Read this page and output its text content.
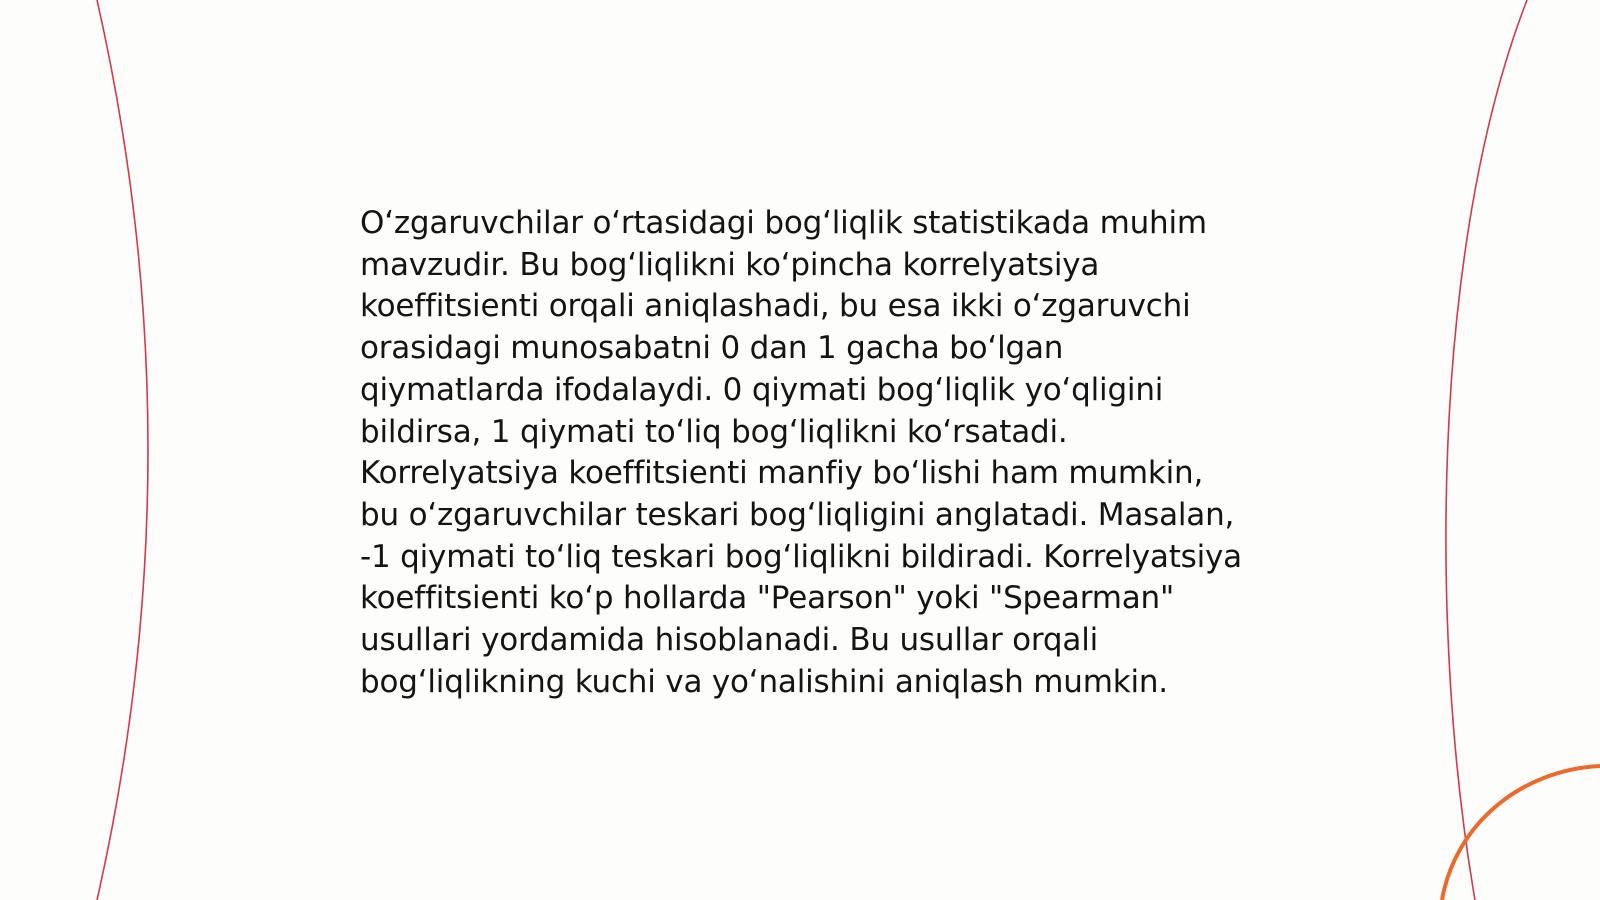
O‘zgaruvchilar o‘rtasidagi bog‘liqlik statistikada muhim mavzudir. Bu bog‘liqlikni ko‘pincha korrelyatsiya koeffitsienti orqali aniqlashadi, bu esa ikki o‘zgaruvchi orasidagi munosabatni 0 dan 1 gacha bo‘lgan qiymatlarda ifodalaydi. 0 qiymati bog‘liqlik yo‘qligini bildirsa, 1 qiymati to‘liq bog‘liqlikni ko‘rsatadi. Korrelyatsiya koeffitsienti manfiy bo‘lishi ham mumkin, bu o‘zgaruvchilar teskari bog‘liqligini anglatadi. Masalan, -1 qiymati to‘liq teskari bog‘liqlikni bildiradi. Korrelyatsiya koeffitsienti ko‘p hollarda "Pearson" yoki "Spearman" usullari yordamida hisoblanadi. Bu usullar orqali bog‘liqlikning kuchi va yo‘nalishini aniqlash mumkin.
